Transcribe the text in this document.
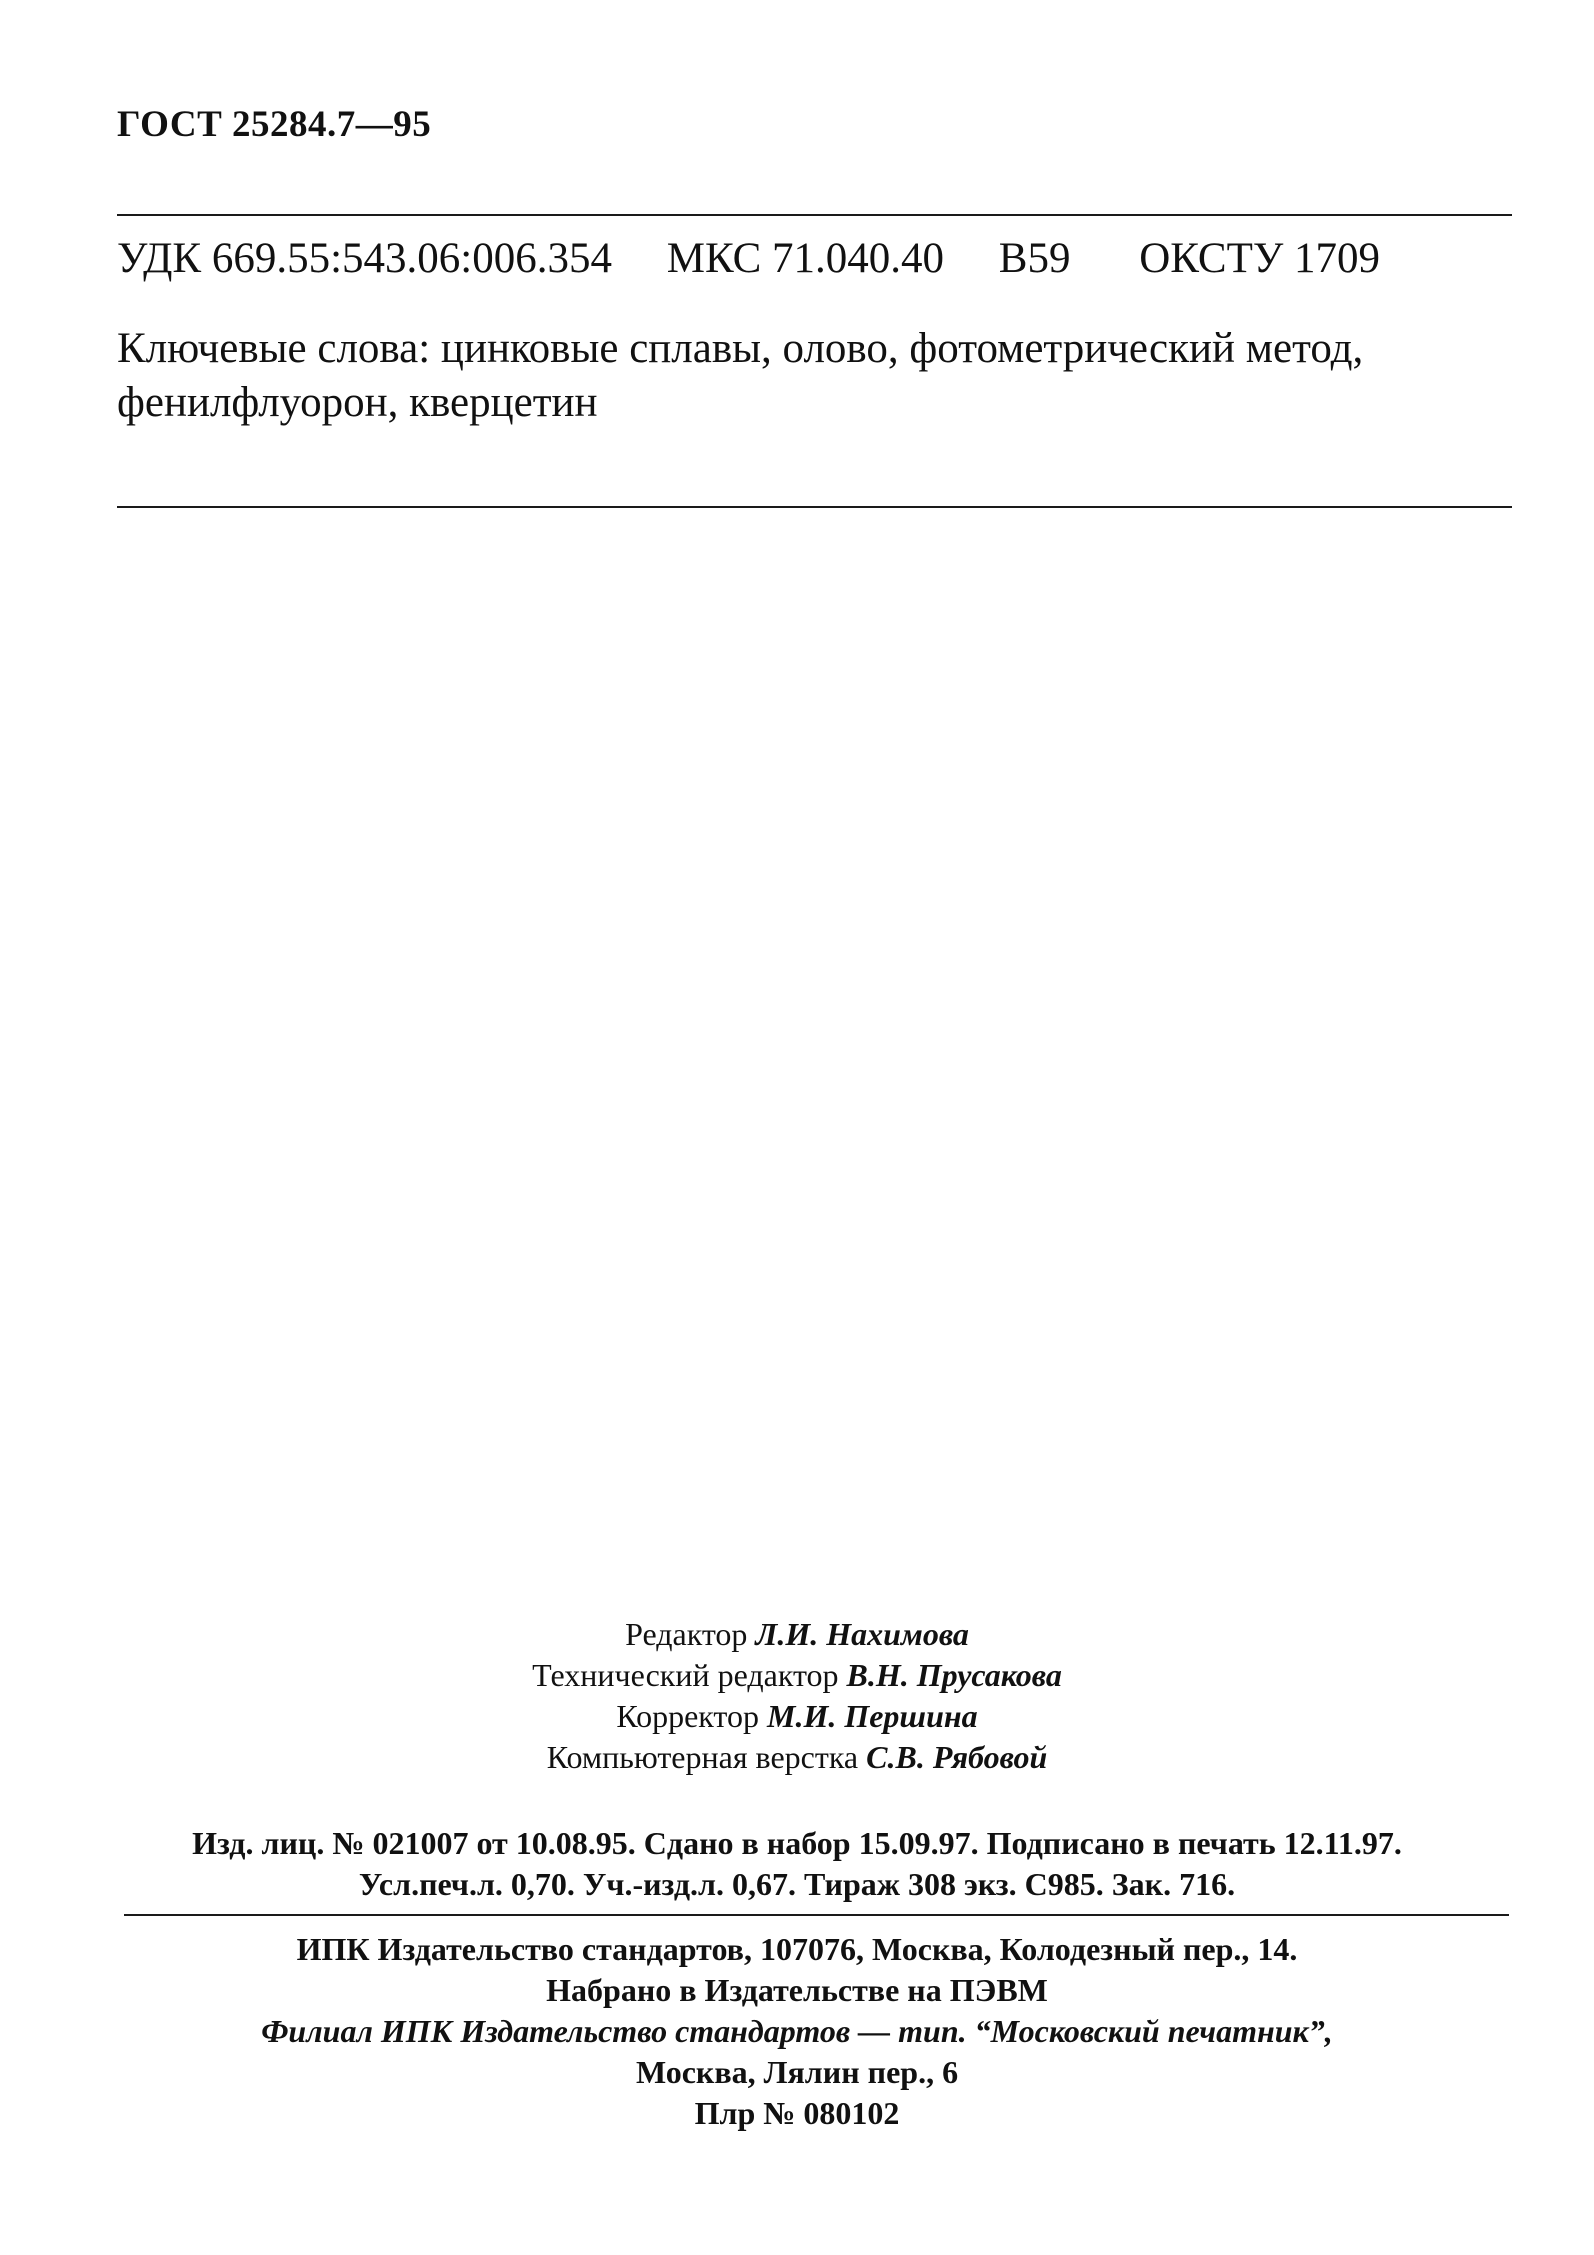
ГОСТ 25284.7—95
УДК 669.55:543.06:006.354 МКС 71.040.40 В59 ОКСТУ 1709
Ключевые слова: цинковые сплавы, олово, фотометрический метод,
фенилфлуорон, кверцетин
Редактор Л.И. Нахимова
Технический редактор В.Н. Прусакова
Корректор М.И. Першина
Компьютерная верстка С.В. Рябовой
Изд. лиц. № 021007 от 10.08.95. Сдано в набор 15.09.97. Подписано в печать 12.11.97.
Усл.печ.л. 0,70. Уч.-изд.л. 0,67. Тираж 308 экз. С985. Зак. 716.
ИПК Издательство стандартов, 107076, Москва, Колодезный пер., 14.
Набрано в Издательстве на ПЭВМ
Филиал ИПК Издательство стандартов — тип. “Московский печатник”,
Москва, Лялин пер., 6
Плр № 080102
